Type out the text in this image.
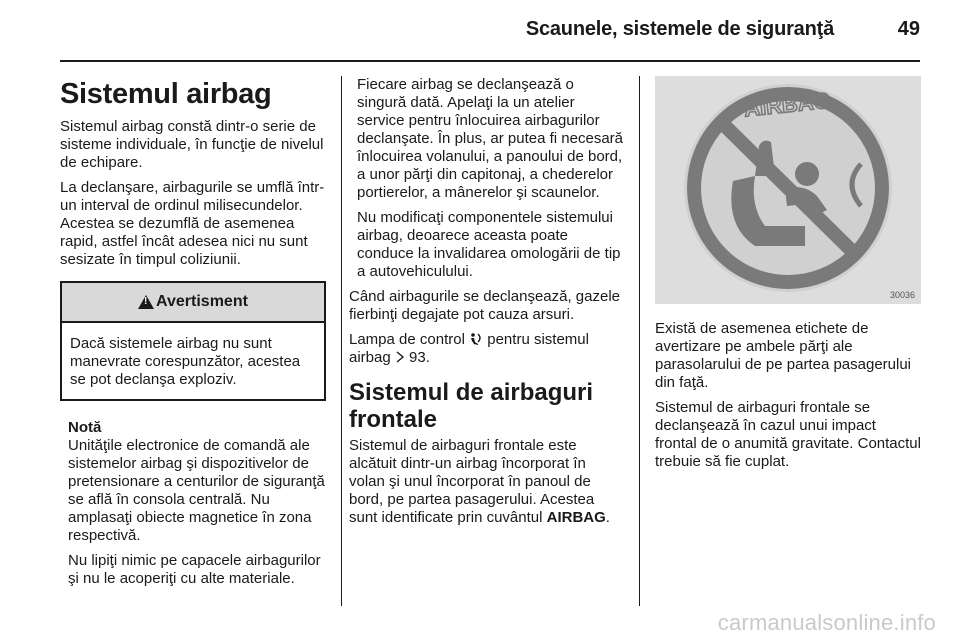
Scaunele, sistemele de siguranţă	49
Sistemul airbag

Sistemul airbag constă dintr-o serie de sisteme individuale, în funcţie de nivelul de echipare.

La declanşare, airbagurile se umflă într-un interval de ordinul milisecundelor. Acestea se dezumflă de asemenea rapid, astfel încât adesea nici nu sunt sesizate în timpul coliziunii.

!
Avertisment
Dacă sistemele airbag nu sunt manevrate corespunzător, acestea se pot declanşa exploziv.
Notă

Unităţile electronice de comandă ale sistemelor airbag şi dispozitivelor de pretensionare a centurilor de siguranţă se află în consola centrală. Nu amplasaţi obiecte magnetice în zona respectivă.

Nu lipiţi nimic pe capacele airbagurilor şi nu le acoperiţi cu alte materiale.

Fiecare airbag se declanşează o singură dată. Apelaţi la un atelier service pentru înlocuirea airbagurilor declanşate. În plus, ar putea fi necesară înlocuirea volanului, a panoului de bord, a unor părţi din capitonaj, a chederelor portierelor, a mânerelor şi scaunelor.

Nu modificaţi componentele sistemului airbag, deoarece aceasta poate conduce la invalidarea omologării de tip a autovehiculului.

Când airbagurile se declanşează, gazele fierbinţi degajate pot cauza arsuri.

Lampa de control pentru sistemul airbag 93.

Sistemul de airbaguri frontale

Sistemul de airbaguri frontale este alcătuit dintr-un airbag încorporat în volan şi unul încorporat în panoul de bord, pe partea pasagerului. Acestea sunt identificate prin cuvântul AIRBAG.

AIRBAG
30036

Există de asemenea etichete de avertizare pe ambele părţi ale parasolarului de pe partea pasagerului din faţă.

Sistemul de airbaguri frontale se declanşează în cazul unui impact frontal de o anumită gravitate. Contactul trebuie să fie cuplat.

carmanualsonline.info
